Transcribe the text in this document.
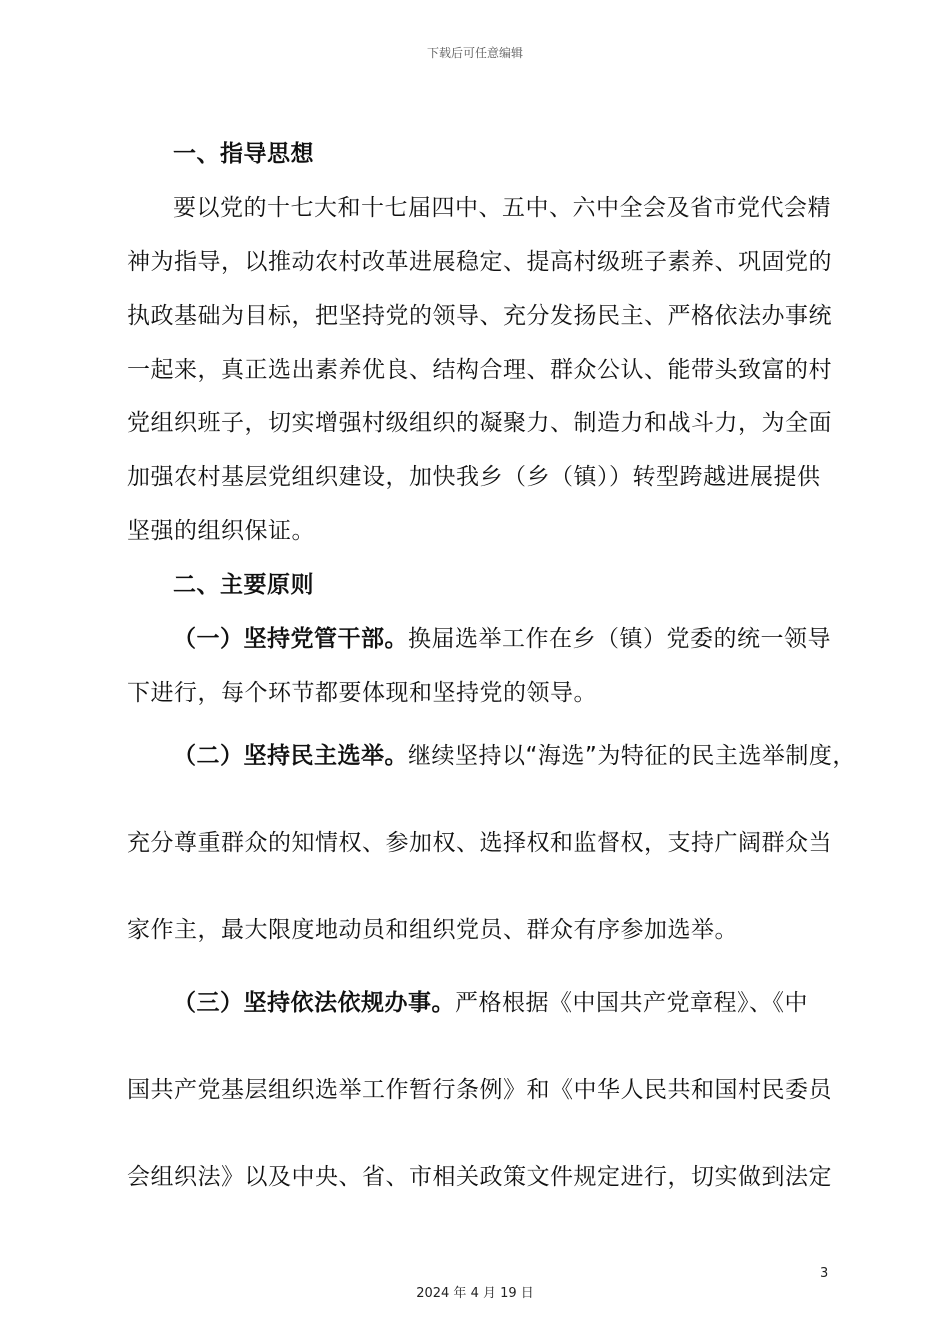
下载后可任意编辑
一、指导思想
要以党的十七大和十七届四中、五中、六中全会及省市党代会精
神为指导，以推动农村改革进展稳定、提高村级班子素养、巩固党的
执政基础为目标，把坚持党的领导、充分发扬民主、严格依法办事统
一起来，真正选出素养优良、结构合理、群众公认、能带头致富的村
党组织班子，切实增强村级组织的凝聚力、制造力和战斗力，为全面
加强农村基层党组织建设，加快我乡（乡（镇））转型跨越进展提供
坚强的组织保证。
二、主要原则
（一）坚持党管干部。换届选举工作在乡（镇）党委的统一领导
下进行，每个环节都要体现和坚持党的领导。
（二）坚持民主选举。继续坚持以“海选”为特征的民主选举制度，
充分尊重群众的知情权、参加权、选择权和监督权，支持广阔群众当
家作主，最大限度地动员和组织党员、群众有序参加选举。
（三）坚持依法依规办事。严格根据《中国共产党章程》、《中
国共产党基层组织选举工作暂行条例》和《中华人民共和国村民委员
会组织法》以及中央、省、市相关政策文件规定进行，切实做到法定
3
2024 年 4 月 19 日
